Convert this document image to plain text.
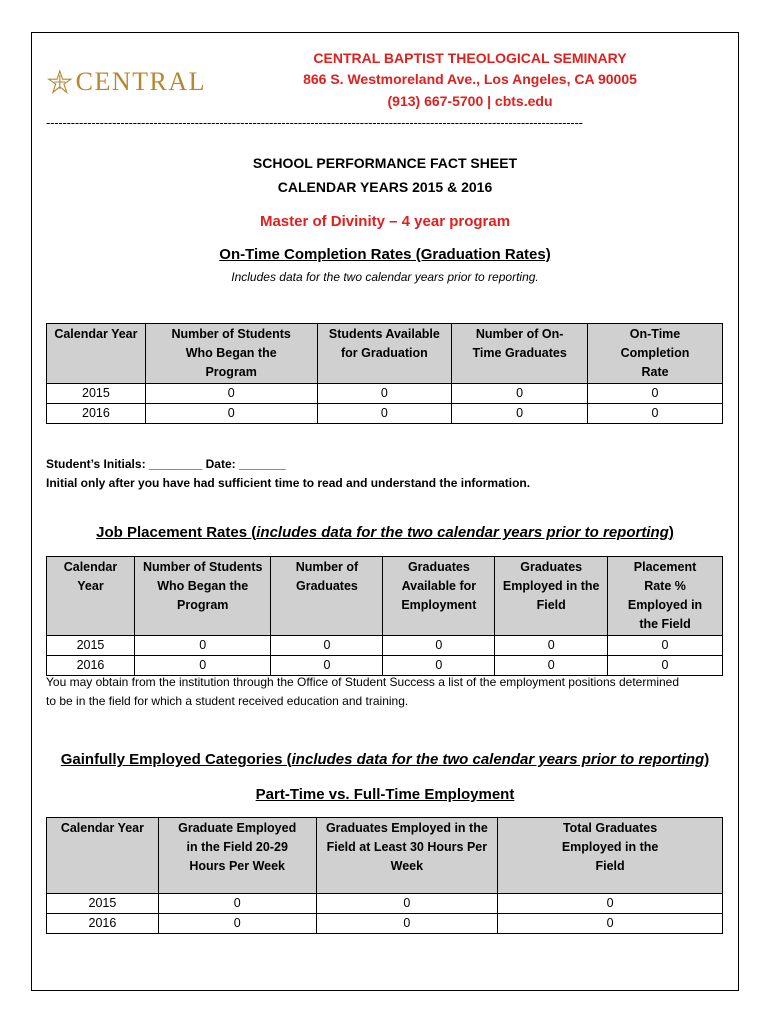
CENTRAL
CENTRAL BAPTIST THEOLOGICAL SEMINARY
866 S. Westmoreland Ave., Los Angeles, CA 90005
(913) 667-5700 | cbts.edu
----------------------------------------------------------------------------------------------------------------------------------
SCHOOL PERFORMANCE FACT SHEET
CALENDAR YEARS 2015 & 2016
Master of Divinity – 4 year program
On-Time Completion Rates (Graduation Rates)
Includes data for the two calendar years prior to reporting.
Calendar Year	Number of Students Who Began the Program	Students Available for Graduation	Number of On-Time Graduates	On-Time Completion Rate
2015	0	0	0	0
2016	0	0	0	0
Student’s Initials: ________ Date: _______
Initial only after you have had sufficient time to read and understand the information.
Job Placement Rates (includes data for the two calendar years prior to reporting)
Calendar Year	Number of Students Who Began the Program	Number of Graduates	Graduates Available for Employment	Graduates Employed in the Field	Placement Rate % Employed in the Field
2015	0	0	0	0	0
2016	0	0	0	0	0
You may obtain from the institution through the Office of Student Success a list of the employment positions determined to be in the field for which a student received education and training.
Gainfully Employed Categories (includes data for the two calendar years prior to reporting)
Part-Time vs. Full-Time Employment
Calendar Year	Graduate Employed in the Field 20-29 Hours Per Week	Graduates Employed in the Field at Least 30 Hours Per Week	Total Graduates Employed in the Field
2015	0	0	0
2016	0	0	0
